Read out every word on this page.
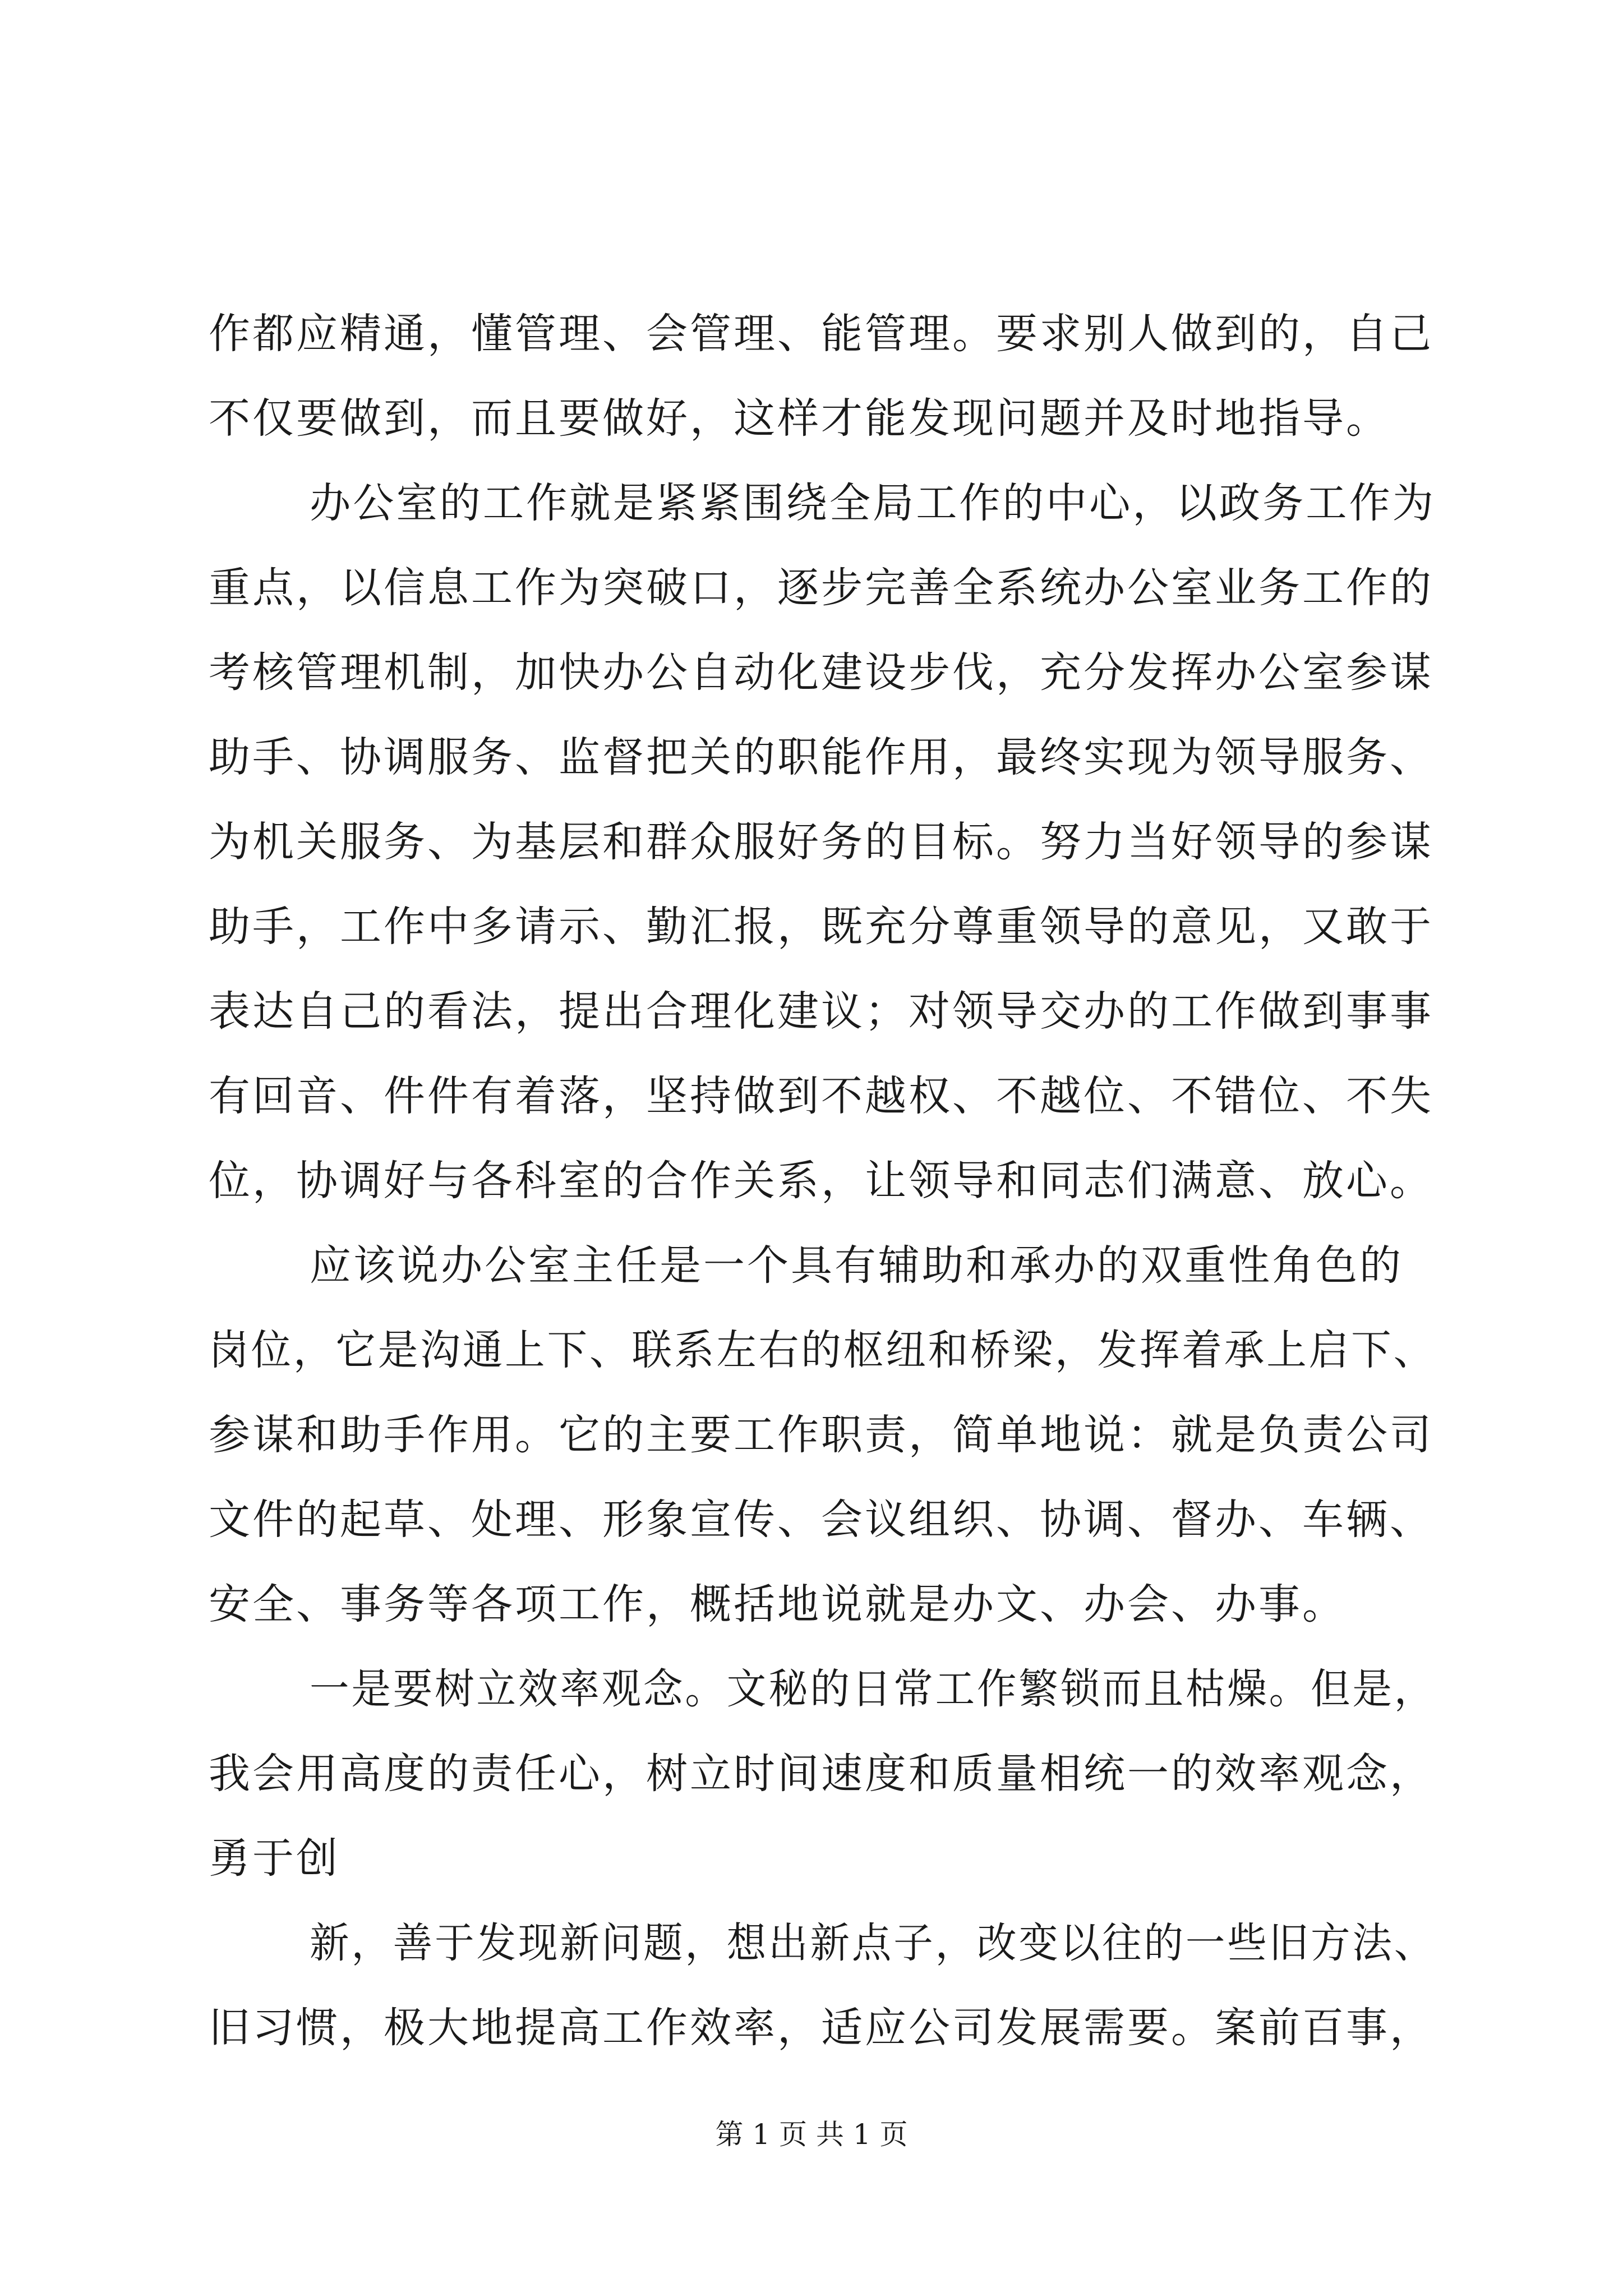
作都应精通，懂管理、会管理、能管理。要求别人做到的，自己

不仅要做到，而且要做好，这样才能发现问题并及时地指导。

办公室的工作就是紧紧围绕全局工作的中心，以政务工作为

重点，以信息工作为突破口，逐步完善全系统办公室业务工作的

考核管理机制，加快办公自动化建设步伐，充分发挥办公室参谋

助手、协调服务、监督把关的职能作用，最终实现为领导服务、

为机关服务、为基层和群众服好务的目标。努力当好领导的参谋

助手，工作中多请示、勤汇报，既充分尊重领导的意见，又敢于

表达自己的看法，提出合理化建议；对领导交办的工作做到事事

有回音、件件有着落，坚持做到不越权、不越位、不错位、不失

位，协调好与各科室的合作关系，让领导和同志们满意、放心。

应该说办公室主任是一个具有辅助和承办的双重性角色的

岗位，它是沟通上下、联系左右的枢纽和桥梁，发挥着承上启下、

参谋和助手作用。它的主要工作职责，简单地说：就是负责公司

文件的起草、处理、形象宣传、会议组织、协调、督办、车辆、

安全、事务等各项工作，概括地说就是办文、办会、办事。

一是要树立效率观念。文秘的日常工作繁锁而且枯燥。但是，

我会用高度的责任心，树立时间速度和质量相统一的效率观念，

勇于创

新，善于发现新问题，想出新点子，改变以往的一些旧方法、

旧习惯，极大地提高工作效率，适应公司发展需要。案前百事，

第 1 页 共 1 页
